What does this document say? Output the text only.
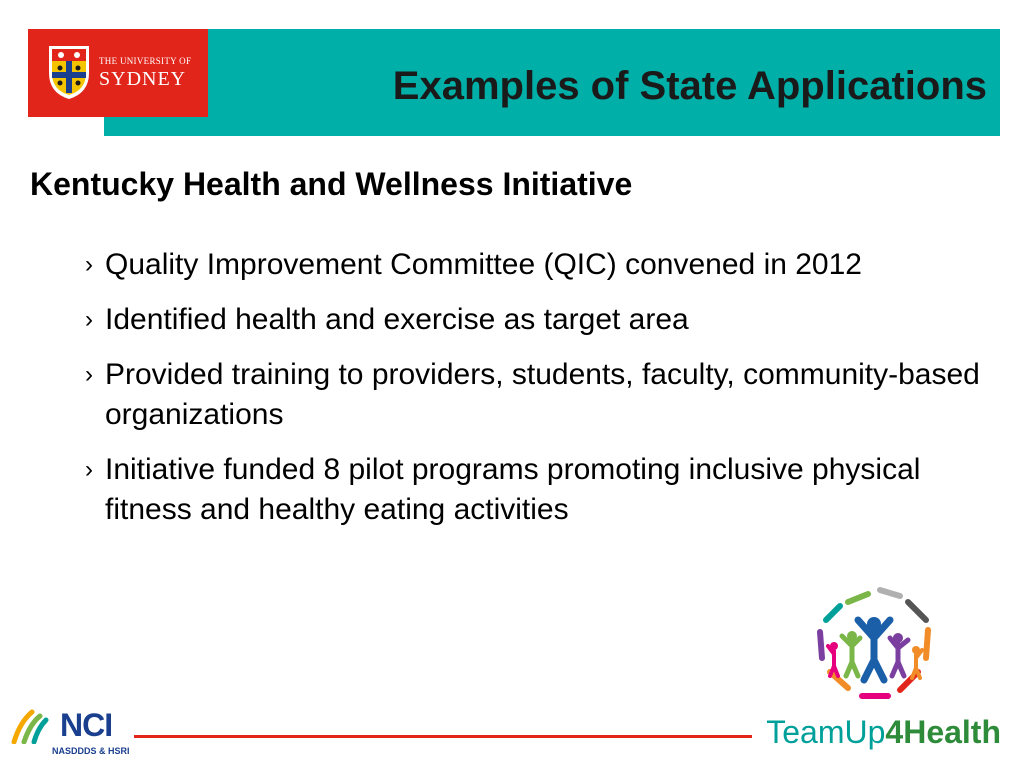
THE UNIVERSITY OF
SYDNEY	Examples of State Applications
Kentucky Health and Wellness Initiative
› Quality Improvement Committee (QIC) convened in 2012
› Identified health and exercise as target area
› Provided training to providers, students, faculty, community-based organizations
› Initiative funded 8 pilot programs promoting inclusive physical fitness and healthy eating activities
NCI
NASDDDS & HSRI
TeamUp4Health
